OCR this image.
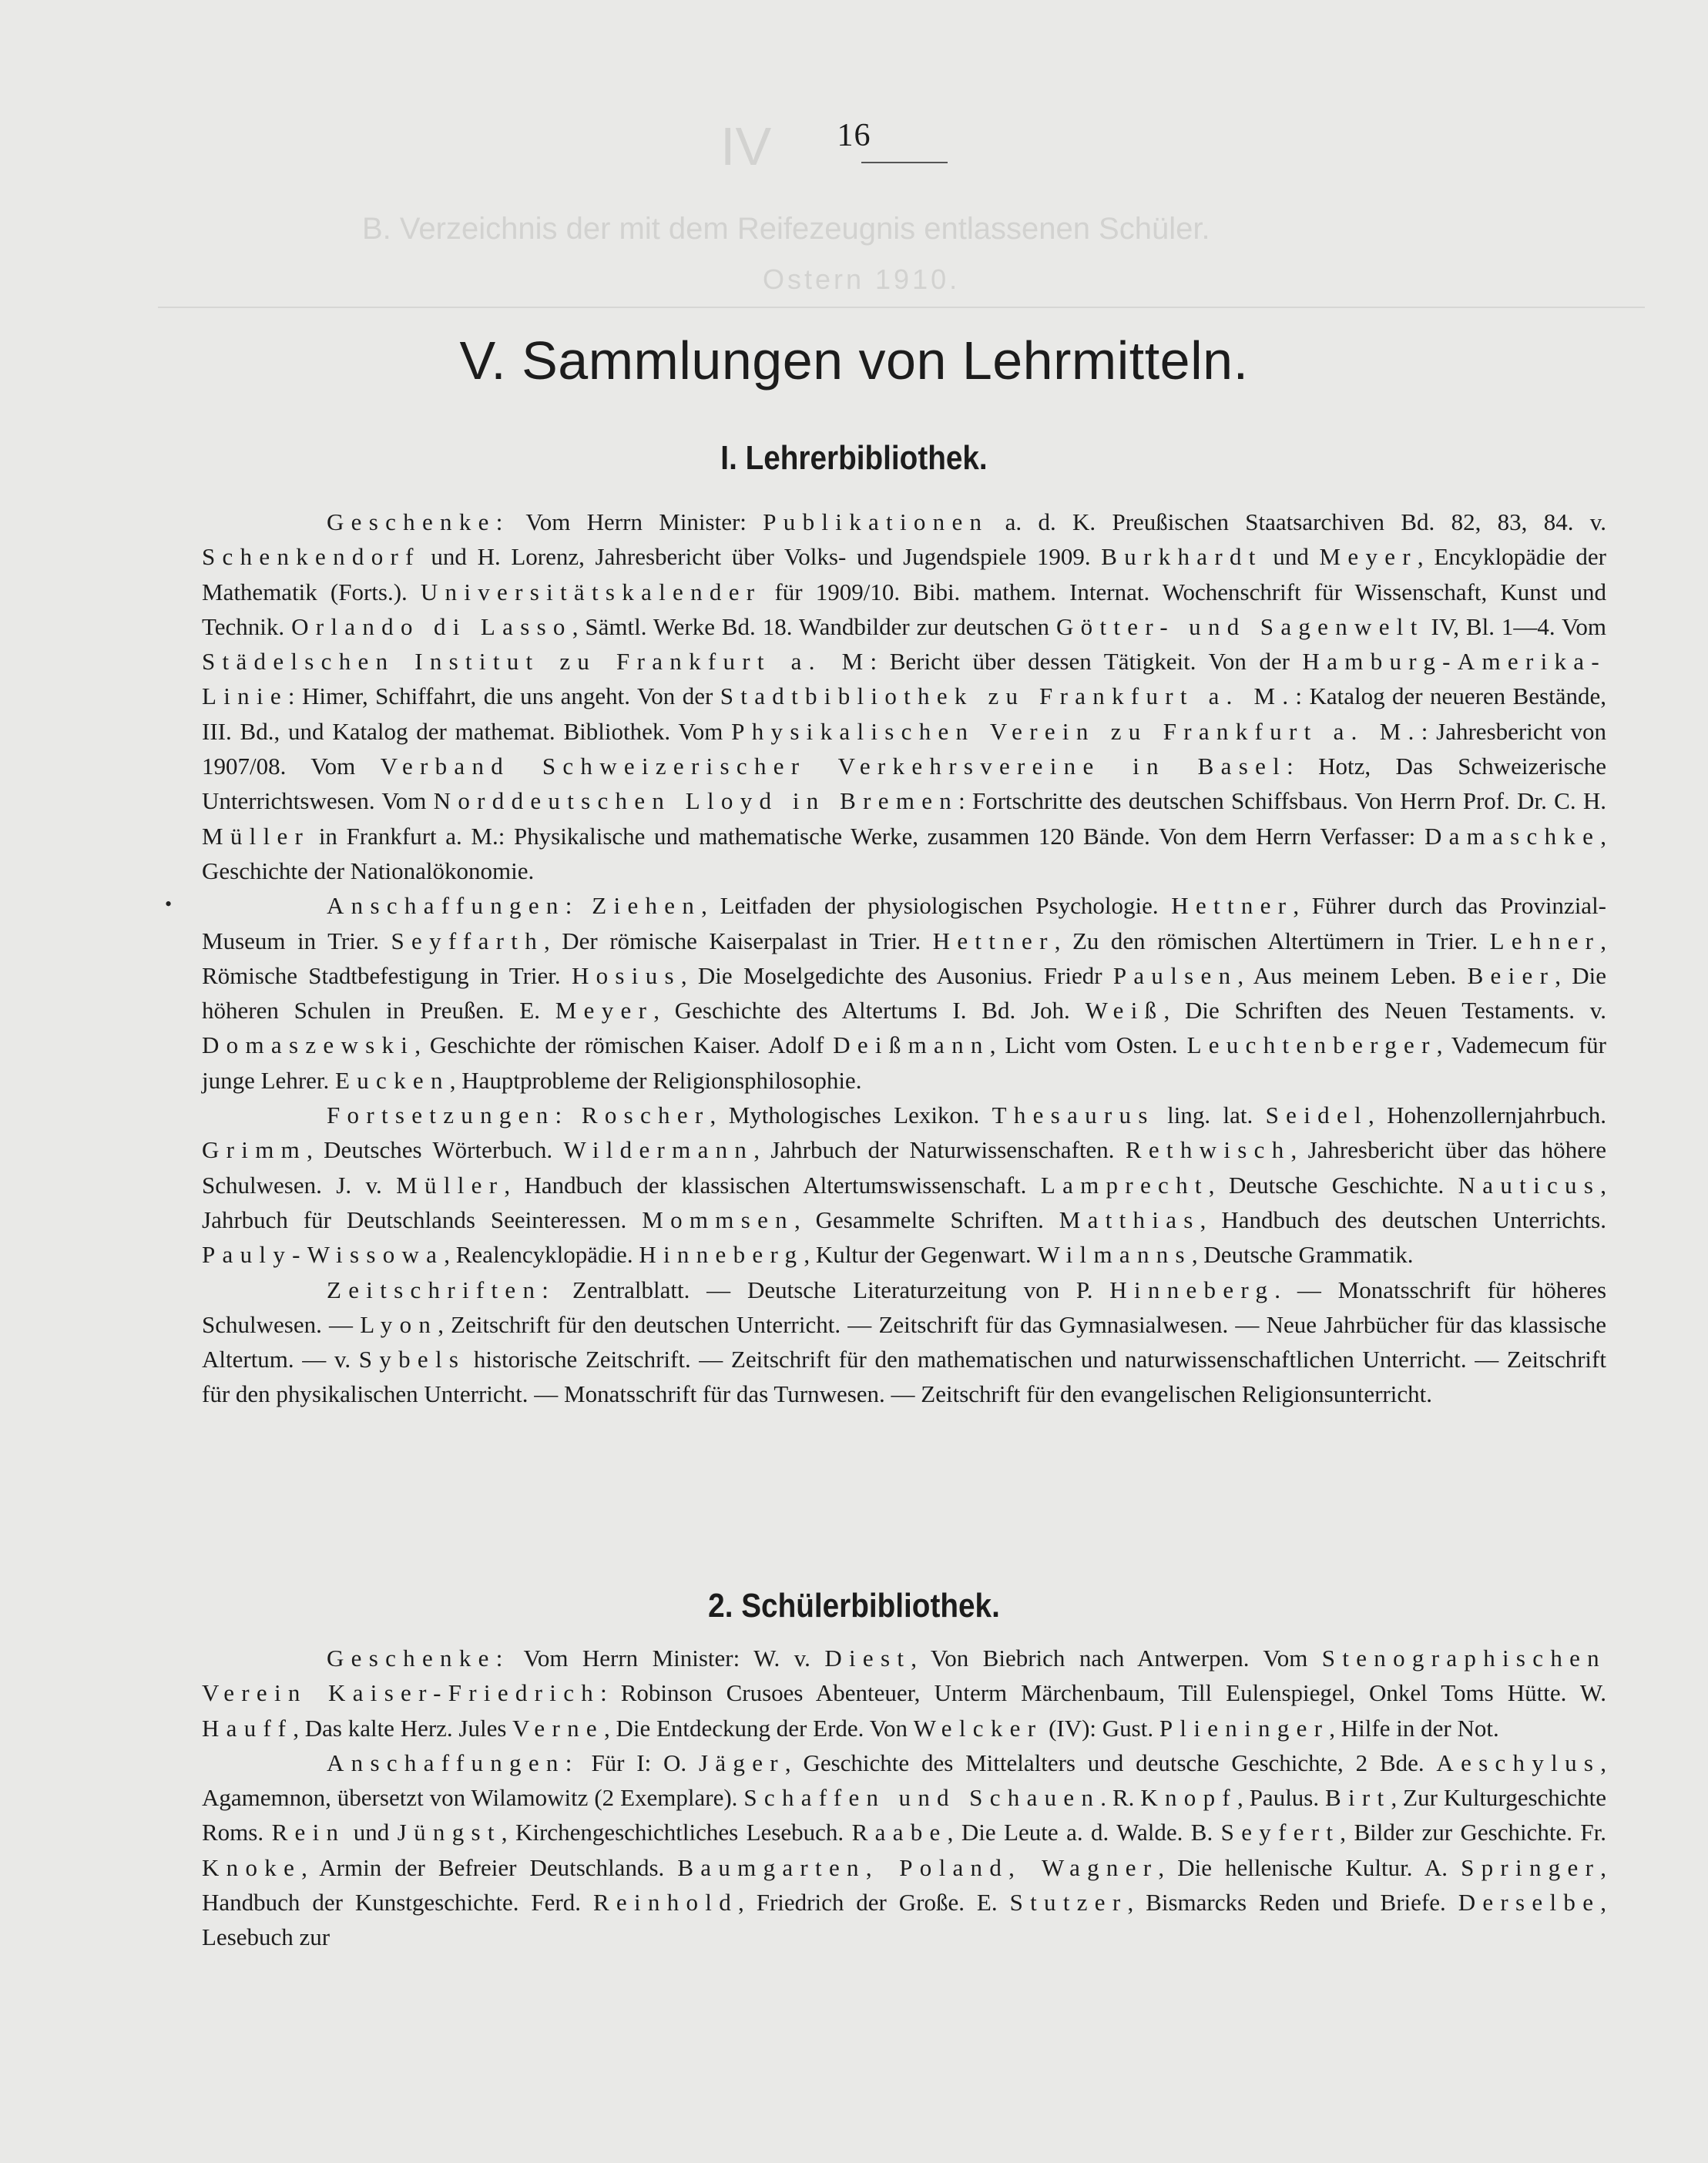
IV
B. Verzeichnis der mit dem Reifezeugnis entlassenen Schüler.
Ostern 1910.
16
V. Sammlungen von Lehrmitteln.
I. Lehrerbibliothek.

Geschenke: Vom Herrn Minister: Publikationen a. d. K. Preußischen Staatsarchiven Bd. 82, 83, 84. v. Schenkendorf und H. Lorenz, Jahresbericht über Volks- und Jugendspiele 1909. Burkhardt und Meyer, Encyklopädie der Mathematik (Forts.). Universitätskalender für 1909/10. Bibi. mathem. Internat. Wochenschrift für Wissenschaft, Kunst und Technik. Orlando di Lasso, Sämtl. Werke Bd. 18. Wandbilder zur deutschen Götter- und Sagenwelt IV, Bl. 1—4. Vom Städelschen Institut zu Frankfurt a. M: Bericht über dessen Tätigkeit. Von der Hamburg-Amerika-Linie: Himer, Schiffahrt, die uns angeht. Von der Stadtbibliothek zu Frankfurt a. M.: Katalog der neueren Bestände, III. Bd., und Katalog der mathemat. Bibliothek. Vom Physikalischen Verein zu Frankfurt a. M.: Jahresbericht von 1907/08. Vom Verband Schweizerischer Verkehrsvereine in Basel: Hotz, Das Schweizerische Unterrichtswesen. Vom Norddeutschen Lloyd in Bremen: Fortschritte des deutschen Schiffsbaus. Von Herrn Prof. Dr. C. H. Müller in Frankfurt a. M.: Physikalische und mathematische Werke, zusammen 120 Bände. Von dem Herrn Verfasser: Damaschke, Geschichte der Nationalökonomie.

Anschaffungen: Ziehen, Leitfaden der physiologischen Psychologie. Hettner, Führer durch das Provinzial-Museum in Trier. Seyffarth, Der römische Kaiserpalast in Trier. Hettner, Zu den römischen Altertümern in Trier. Lehner, Römische Stadtbefestigung in Trier. Hosius, Die Moselgedichte des Ausonius. Friedr Paulsen, Aus meinem Leben. Beier, Die höheren Schulen in Preußen. E. Meyer, Geschichte des Altertums I. Bd. Joh. Weiß, Die Schriften des Neuen Testaments. v. Domaszewski, Geschichte der römischen Kaiser. Adolf Deißmann, Licht vom Osten. Leuchtenberger, Vademecum für junge Lehrer. Eucken, Hauptprobleme der Religionsphilosophie.

Fortsetzungen: Roscher, Mythologisches Lexikon. Thesaurus ling. lat. Seidel, Hohenzollernjahrbuch. Grimm, Deutsches Wörterbuch. Wildermann, Jahrbuch der Naturwissenschaften. Rethwisch, Jahresbericht über das höhere Schulwesen. J. v. Müller, Handbuch der klassischen Altertumswissenschaft. Lamprecht, Deutsche Geschichte. Nauticus, Jahrbuch für Deutschlands Seeinteressen. Mommsen, Gesammelte Schriften. Matthias, Handbuch des deutschen Unterrichts. Pauly-Wissowa, Realencyklopädie. Hinneberg, Kultur der Gegenwart. Wilmanns, Deutsche Grammatik.

Zeitschriften: Zentralblatt. — Deutsche Literaturzeitung von P. Hinneberg. — Monatsschrift für höheres Schulwesen. — Lyon, Zeitschrift für den deutschen Unterricht. — Zeitschrift für das Gymnasialwesen. — Neue Jahrbücher für das klassische Altertum. — v. Sybels historische Zeitschrift. — Zeitschrift für den mathematischen und naturwissenschaftlichen Unterricht. — Zeitschrift für den physikalischen Unterricht. — Monatsschrift für das Turnwesen. — Zeitschrift für den evangelischen Religionsunterricht.

•
2. Schülerbibliothek.

Geschenke: Vom Herrn Minister: W. v. Diest, Von Biebrich nach Antwerpen. Vom Stenographischen Verein Kaiser-Friedrich: Robinson Crusoes Abenteuer, Unterm Märchenbaum, Till Eulenspiegel, Onkel Toms Hütte. W. Hauff, Das kalte Herz. Jules Verne, Die Entdeckung der Erde. Von Welcker (IV): Gust. Plieninger, Hilfe in der Not.

Anschaffungen: Für I: O. Jäger, Geschichte des Mittelalters und deutsche Geschichte, 2 Bde. Aeschylus, Agamemnon, übersetzt von Wilamowitz (2 Exemplare). Schaffen und Schauen. R. Knopf, Paulus. Birt, Zur Kulturgeschichte Roms. Rein und Jüngst, Kirchengeschichtliches Lesebuch. Raabe, Die Leute a. d. Walde. B. Seyfert, Bilder zur Geschichte. Fr. Knoke, Armin der Befreier Deutschlands. Baumgarten, Poland, Wagner, Die hellenische Kultur. A. Springer, Handbuch der Kunstgeschichte. Ferd. Reinhold, Friedrich der Große. E. Stutzer, Bismarcks Reden und Briefe. Derselbe, Lesebuch zur
